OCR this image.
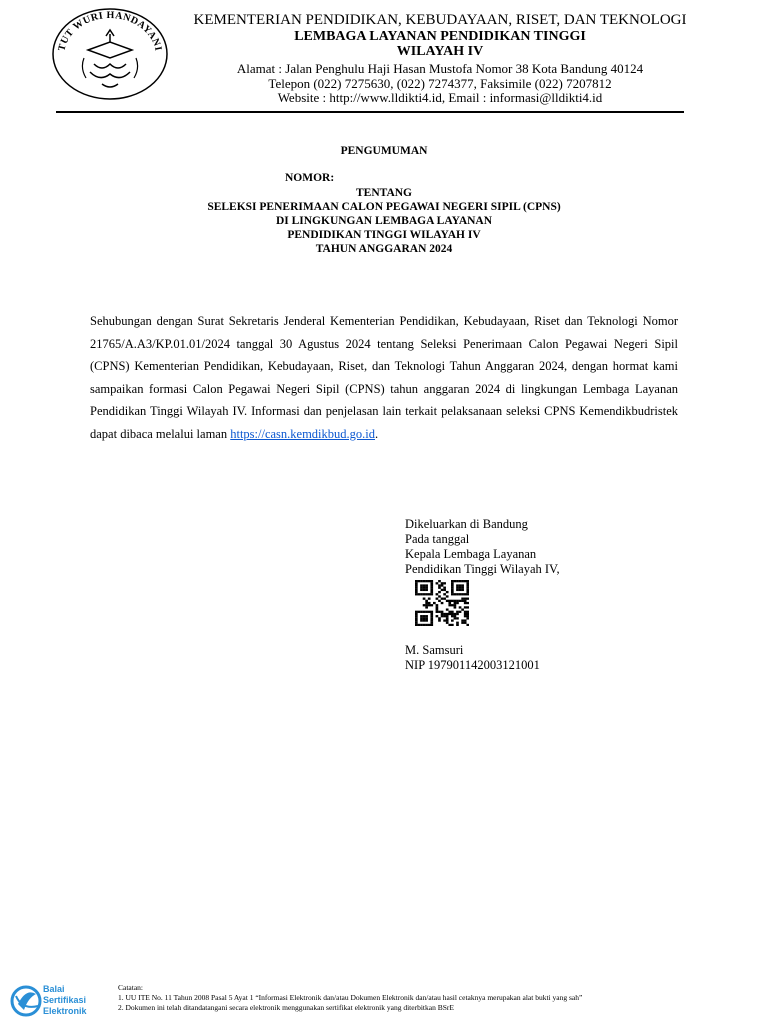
TUT WURI HANDAYANI
KEMENTERIAN PENDIDIKAN, KEBUDAYAAN, RISET, DAN TEKNOLOGI
LEMBAGA LAYANAN PENDIDIKAN TINGGI
WILAYAH IV
Alamat : Jalan Penghulu Haji Hasan Mustofa Nomor 38 Kota Bandung 40124
Telepon (022) 7275630, (022) 7274377, Faksimile (022) 7207812
Website : http://www.lldikti4.id, Email : informasi@lldikti4.id
PENGUMUMAN
NOMOR:
TENTANG
SELEKSI PENERIMAAN CALON PEGAWAI NEGERI SIPIL (CPNS)
DI LINGKUNGAN LEMBAGA LAYANAN
PENDIDIKAN TINGGI WILAYAH IV
TAHUN ANGGARAN 2024
Sehubungan dengan Surat Sekretaris Jenderal Kementerian Pendidikan, Kebudayaan, Riset dan Teknologi Nomor 21765/A.A3/KP.01.01/2024 tanggal 30 Agustus 2024 tentang Seleksi Penerimaan Calon Pegawai Negeri Sipil (CPNS) Kementerian Pendidikan, Kebudayaan, Riset, dan Teknologi Tahun Anggaran 2024, dengan hormat kami sampaikan formasi Calon Pegawai Negeri Sipil (CPNS) tahun anggaran 2024 di lingkungan Lembaga Layanan Pendidikan Tinggi Wilayah IV. Informasi dan penjelasan lain terkait pelaksanaan seleksi CPNS Kemendikbudristek dapat dibaca melalui laman https://casn.kemdikbud.go.id.
Dikeluarkan di Bandung
Pada tanggal
Kepala Lembaga Layanan
Pendidikan Tinggi Wilayah IV,
M. Samsuri
NIP 197901142003121001
Balai
Sertifikasi
Elektronik
Catatan:
1. UU ITE No. 11 Tahun 2008 Pasal 5 Ayat 1 “Informasi Elektronik dan/atau Dokumen Elektronik dan/atau hasil cetaknya merupakan alat bukti yang sah”
2. Dokumen ini telah ditandatangani secara elektronik menggunakan sertifikat elektronik yang diterbitkan BSrE
